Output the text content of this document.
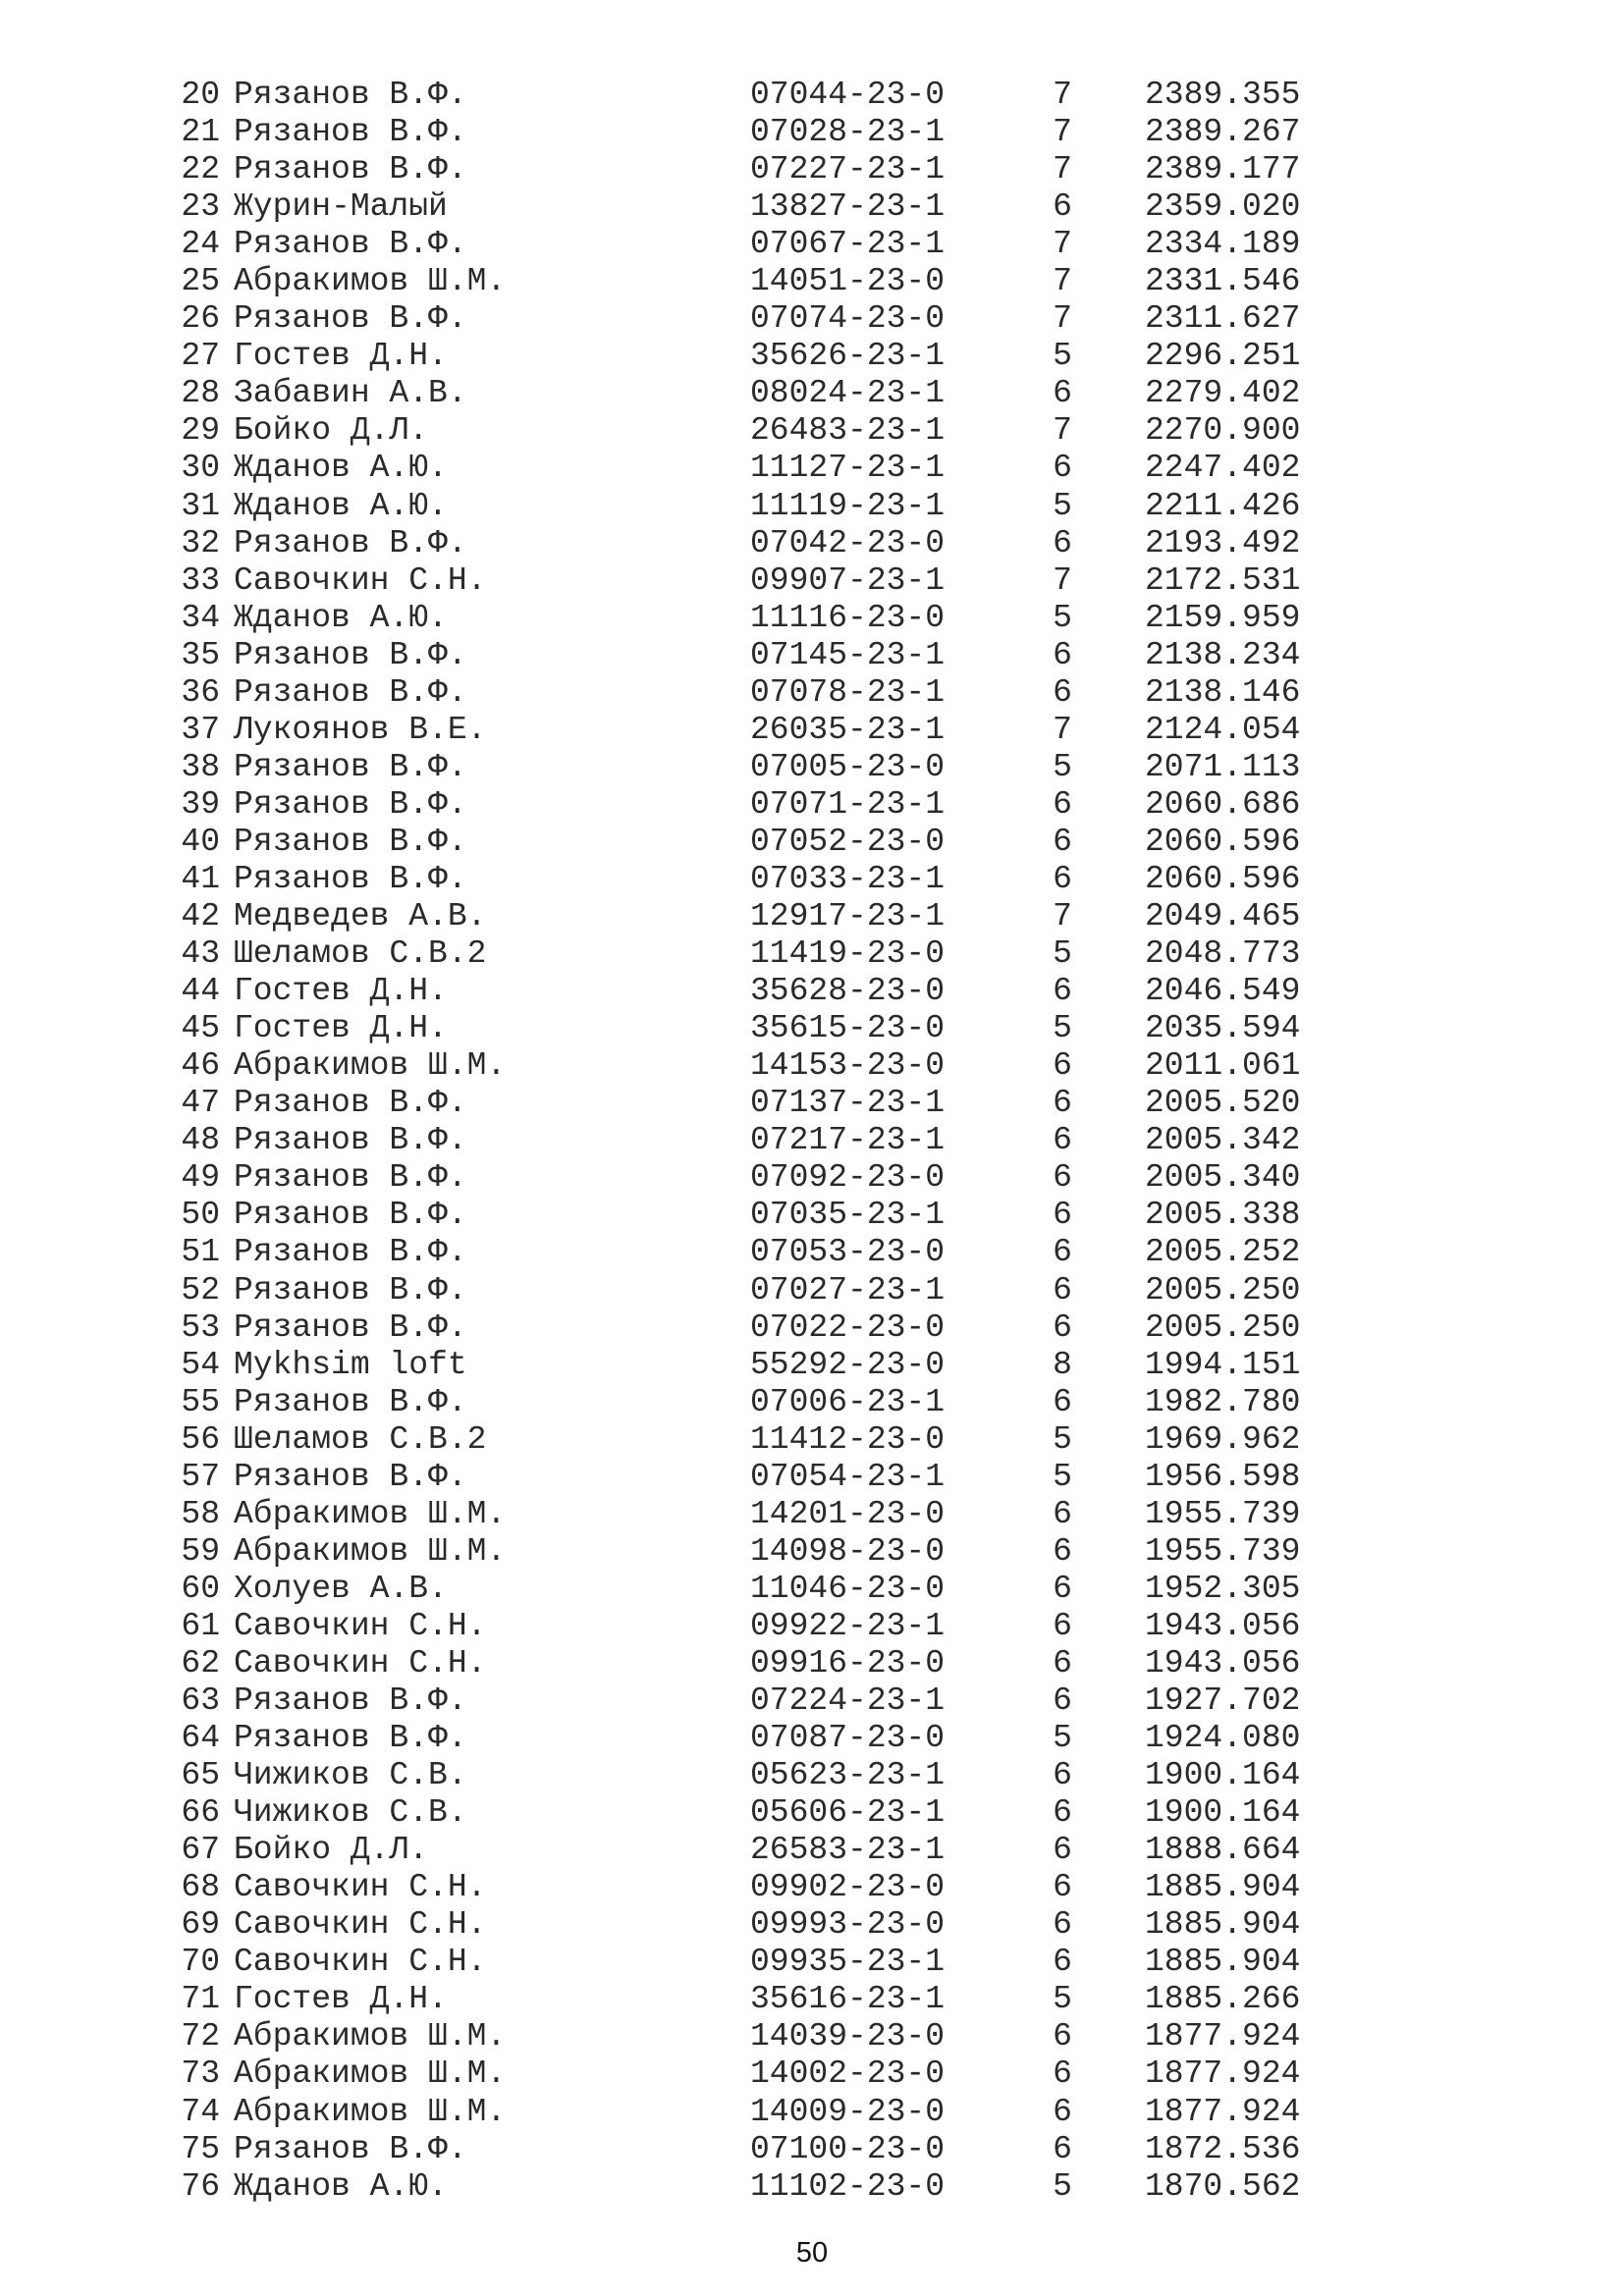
20 Рязанов В.Ф.	07044-23-0	7 2389.355
21 Рязанов В.Ф.	07028-23-1	7 2389.267
22 Рязанов В.Ф.	07227-23-1	7 2389.177
23 Журин-Малый	13827-23-1	6 2359.020
24 Рязанов В.Ф.	07067-23-1	7 2334.189
25 Абракимов Ш.М.	14051-23-0	7 2331.546
26 Рязанов В.Ф.	07074-23-0	7 2311.627
27 Гостев Д.Н.	35626-23-1	5 2296.251
28 Забавин А.В.	08024-23-1	6 2279.402
29 Бойко Д.Л.	26483-23-1	7 2270.900
30 Жданов А.Ю.	11127-23-1	6 2247.402
31 Жданов А.Ю.	11119-23-1	5 2211.426
32 Рязанов В.Ф.	07042-23-0	6 2193.492
33 Савочкин С.Н.	09907-23-1	7 2172.531
34 Жданов А.Ю.	11116-23-0	5 2159.959
35 Рязанов В.Ф.	07145-23-1	6 2138.234
36 Рязанов В.Ф.	07078-23-1	6 2138.146
37 Лукоянов В.Е.	26035-23-1	7 2124.054
38 Рязанов В.Ф.	07005-23-0	5 2071.113
39 Рязанов В.Ф.	07071-23-1	6 2060.686
40 Рязанов В.Ф.	07052-23-0	6 2060.596
41 Рязанов В.Ф.	07033-23-1	6 2060.596
42 Медведев А.В.	12917-23-1	7 2049.465
43 Шеламов С.В.2	11419-23-0	5 2048.773
44 Гостев Д.Н.	35628-23-0	6 2046.549
45 Гостев Д.Н.	35615-23-0	5 2035.594
46 Абракимов Ш.М.	14153-23-0	6 2011.061
47 Рязанов В.Ф.	07137-23-1	6 2005.520
48 Рязанов В.Ф.	07217-23-1	6 2005.342
49 Рязанов В.Ф.	07092-23-0	6 2005.340
50 Рязанов В.Ф.	07035-23-1	6 2005.338
51 Рязанов В.Ф.	07053-23-0	6 2005.252
52 Рязанов В.Ф.	07027-23-1	6 2005.250
53 Рязанов В.Ф.	07022-23-0	6 2005.250
54 Mykhsim loft	55292-23-0	8 1994.151
55 Рязанов В.Ф.	07006-23-1	6 1982.780
56 Шеламов С.В.2	11412-23-0	5 1969.962
57 Рязанов В.Ф.	07054-23-1	5 1956.598
58 Абракимов Ш.М.	14201-23-0	6 1955.739
59 Абракимов Ш.М.	14098-23-0	6 1955.739
60 Холуев А.В.	11046-23-0	6 1952.305
61 Савочкин С.Н.	09922-23-1	6 1943.056
62 Савочкин С.Н.	09916-23-0	6 1943.056
63 Рязанов В.Ф.	07224-23-1	6 1927.702
64 Рязанов В.Ф.	07087-23-0	5 1924.080
65 Чижиков С.В.	05623-23-1	6 1900.164
66 Чижиков С.В.	05606-23-1	6 1900.164
67 Бойко Д.Л.	26583-23-1	6 1888.664
68 Савочкин С.Н.	09902-23-0	6 1885.904
69 Савочкин С.Н.	09993-23-0	6 1885.904
70 Савочкин С.Н.	09935-23-1	6 1885.904
71 Гостев Д.Н.	35616-23-1	5 1885.266
72 Абракимов Ш.М.	14039-23-0	6 1877.924
73 Абракимов Ш.М.	14002-23-0	6 1877.924
74 Абракимов Ш.М.	14009-23-0	6 1877.924
75 Рязанов В.Ф.	07100-23-0	6 1872.536
76 Жданов А.Ю.	11102-23-0	5 1870.562
50
